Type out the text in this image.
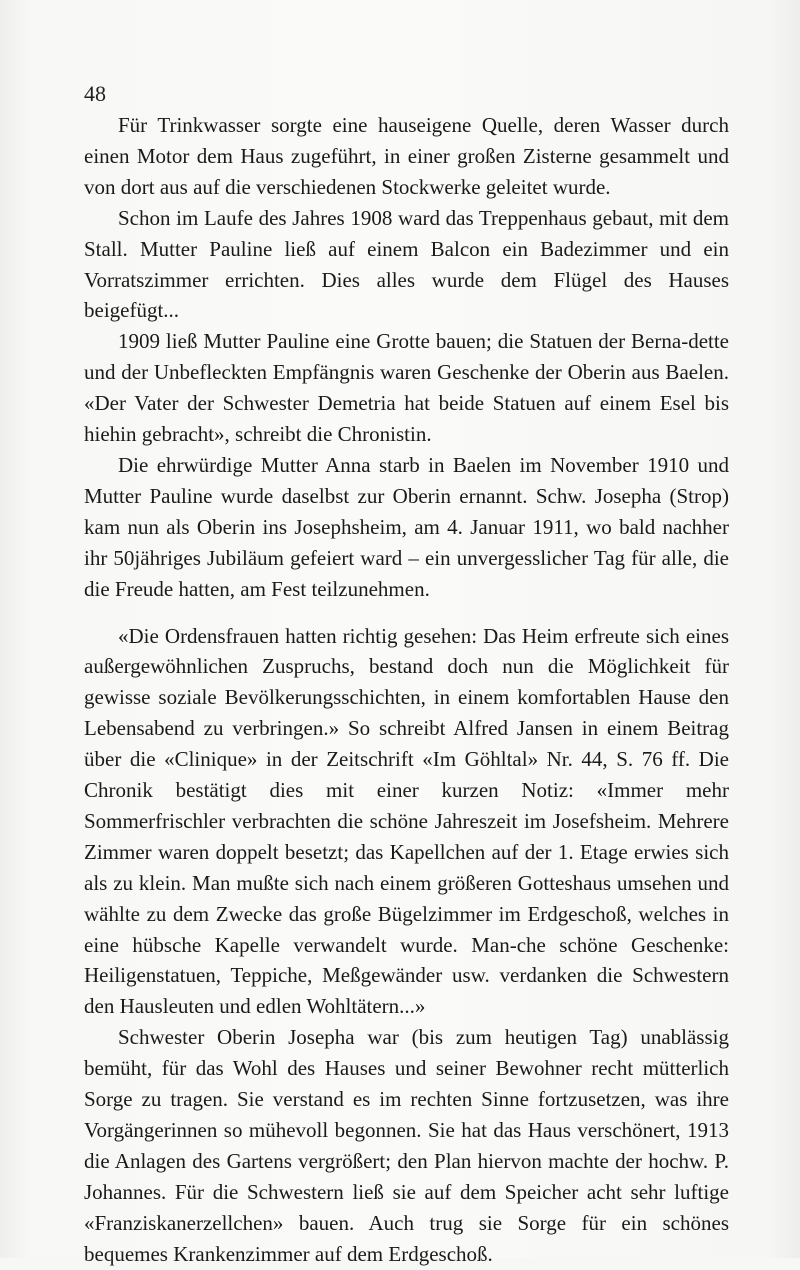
48

Für Trinkwasser sorgte eine hauseigene Quelle, deren Wasser durch einen Motor dem Haus zugeführt, in einer großen Zisterne gesammelt und von dort aus auf die verschiedenen Stockwerke geleitet wurde.

Schon im Laufe des Jahres 1908 ward das Treppenhaus gebaut, mit dem Stall. Mutter Pauline ließ auf einem Balcon ein Badezimmer und ein Vorratszimmer errichten. Dies alles wurde dem Flügel des Hauses beigefügt...

1909 ließ Mutter Pauline eine Grotte bauen; die Statuen der Berna-dette und der Unbefleckten Empfängnis waren Geschenke der Oberin aus Baelen. «Der Vater der Schwester Demetria hat beide Statuen auf einem Esel bis hiehin gebracht», schreibt die Chronistin.

Die ehrwürdige Mutter Anna starb in Baelen im November 1910 und Mutter Pauline wurde daselbst zur Oberin ernannt. Schw. Josepha (Strop) kam nun als Oberin ins Josephsheim, am 4. Januar 1911, wo bald nachher ihr 50jähriges Jubiläum gefeiert ward – ein unvergesslicher Tag für alle, die die Freude hatten, am Fest teilzunehmen.

«Die Ordensfrauen hatten richtig gesehen: Das Heim erfreute sich eines außergewöhnlichen Zuspruchs, bestand doch nun die Möglichkeit für gewisse soziale Bevölkerungsschichten, in einem komfortablen Hause den Lebensabend zu verbringen.» So schreibt Alfred Jansen in einem Beitrag über die «Clinique» in der Zeitschrift «Im Göhltal» Nr. 44, S. 76 ff. Die Chronik bestätigt dies mit einer kurzen Notiz: «Immer mehr Sommerfrischler verbrachten die schöne Jahreszeit im Josefsheim. Mehrere Zimmer waren doppelt besetzt; das Kapellchen auf der 1. Etage erwies sich als zu klein. Man mußte sich nach einem größeren Gotteshaus umsehen und wählte zu dem Zwecke das große Bügelzimmer im Erdgeschoß, welches in eine hübsche Kapelle verwandelt wurde. Man-che schöne Geschenke: Heiligenstatuen, Teppiche, Meßgewänder usw. verdanken die Schwestern den Hausleuten und edlen Wohltätern...»

Schwester Oberin Josepha war (bis zum heutigen Tag) unablässig bemüht, für das Wohl des Hauses und seiner Bewohner recht mütterlich Sorge zu tragen. Sie verstand es im rechten Sinne fortzusetzen, was ihre Vorgängerinnen so mühevoll begonnen. Sie hat das Haus verschönert, 1913 die Anlagen des Gartens vergrößert; den Plan hiervon machte der hochw. P. Johannes. Für die Schwestern ließ sie auf dem Speicher acht sehr luftige «Franziskanerzellchen» bauen. Auch trug sie Sorge für ein schönes bequemes Krankenzimmer auf dem Erdgeschoß.
